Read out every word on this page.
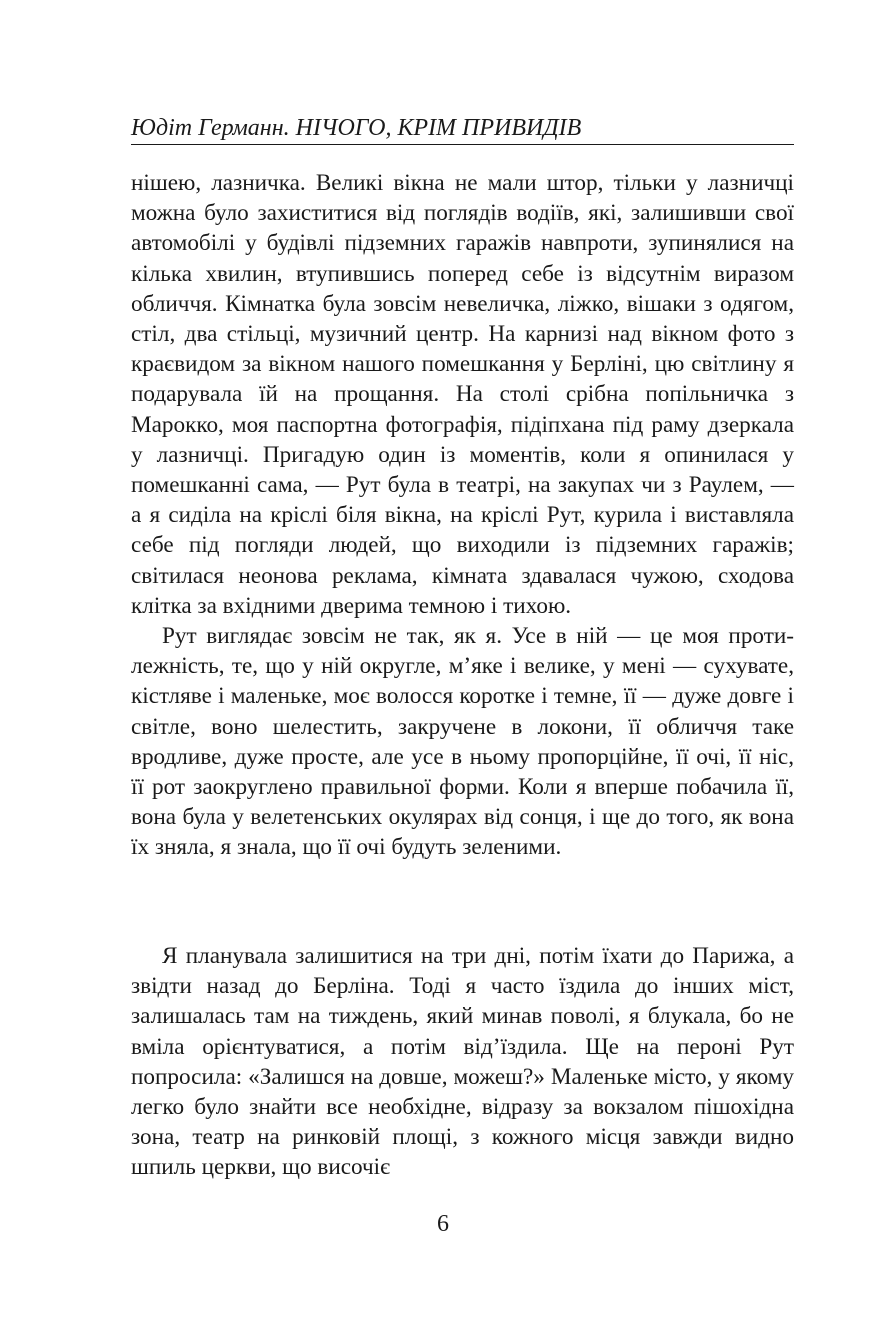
Юдіт Германн. НІЧОГО, КРІМ ПРИВИДІВ

нішею, лазничка. Великі вікна не мали штор, тільки у лазничці можна було захиститися від поглядів водіїв, які, залишивши свої автомобілі у будівлі підземних гаражів навпроти, зупинялися на кілька хвилин, втупившись поперед себе із відсутнім виразом обличчя. Кімнатка була зовсім невеличка, ліжко, вішаки з одягом, стіл, два стільці, музичний центр. На карнизі над вікном фото з краєвидом за вікном нашого помешкання у Берліні, цю світлину я подарувала їй на прощання. На столі срібна попільничка з Марокко, моя паспортна фотографія, підіпхана під раму дзеркала у лазничці. Пригадую один із моментів, коли я опинилася у помешканні сама, — Рут була в театрі, на закупах чи з Раулем, — а я сиділа на кріслі біля вікна, на кріслі Рут, курила і виставляла себе під погляди людей, що виходили із підземних гаражів; світилася неонова реклама, кімната здавалася чужою, сходова клітка за вхідними дверима темною і тихою.

Рут виглядає зовсім не так, як я. Усе в ній — це моя протилежність, те, що у ній округле, м’яке і велике, у мені — сухувате, кістляве і маленьке, моє волосся коротке і темне, її — дуже довге і світле, воно шелестить, закручене в локони, її обличчя таке вродливе, дуже просте, але усе в ньому пропорційне, її очі, її ніс, її рот заокруглено правильної форми. Коли я вперше побачила її, вона була у велетенських окулярах від сонця, і ще до того, як вона їх зняла, я знала, що її очі будуть зеленими.

Я планувала залишитися на три дні, потім їхати до Парижа, а звідти назад до Берліна. Тоді я часто їздила до інших міст, залишалась там на тиждень, який минав поволі, я блукала, бо не вміла орієнтуватися, а потім від’їздила. Ще на пероні Рут попросила: «Залишся на довше, можеш?» Маленьке місто, у якому легко було знайти все необхідне, відразу за вокзалом пішохідна зона, театр на ринковій площі, з кожного місця завжди видно шпиль церкви, що височіє

6
